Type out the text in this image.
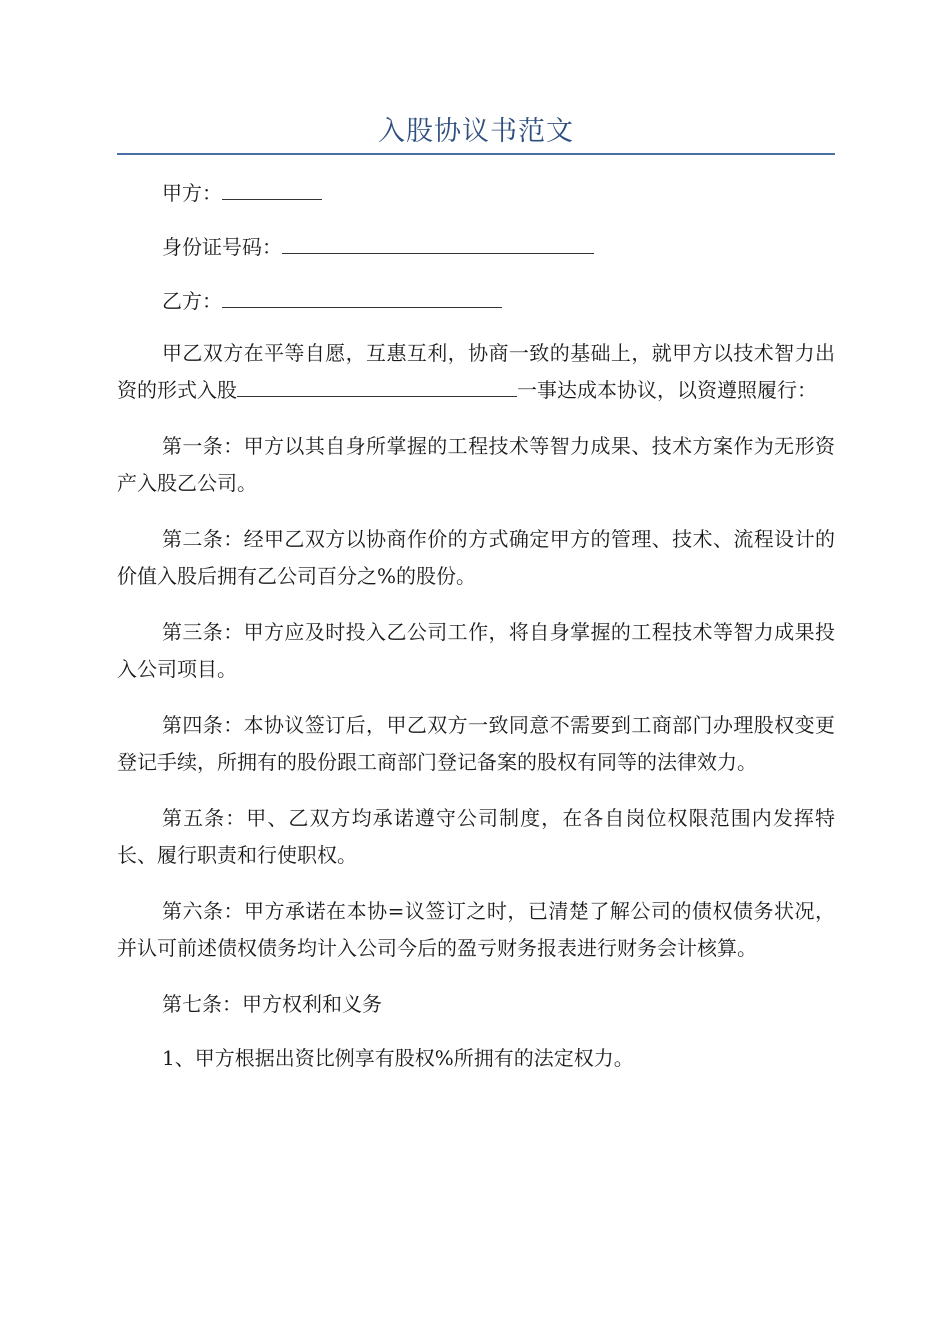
入股协议书范文
甲方：
身份证号码：
乙方：

甲乙双方在平等自愿，互惠互利，协商一致的基础上，就甲方以技术智力出资的形式入股	一事达成本协议，以资遵照履行：

第一条：甲方以其自身所掌握的工程技术等智力成果、技术方案作为无形资产入股乙公司。

第二条：经甲乙双方以协商作价的方式确定甲方的管理、技术、流程设计的价值入股后拥有乙公司百分之%的股份。

第三条：甲方应及时投入乙公司工作，将自身掌握的工程技术等智力成果投入公司项目。

第四条：本协议签订后，甲乙双方一致同意不需要到工商部门办理股权变更登记手续，所拥有的股份跟工商部门登记备案的股权有同等的法律效力。

第五条：甲、乙双方均承诺遵守公司制度，在各自岗位权限范围内发挥特长、履行职责和行使职权。

第六条：甲方承诺在本协=议签订之时，已清楚了解公司的债权债务状况，并认可前述债权债务均计入公司今后的盈亏财务报表进行财务会计核算。

第七条：甲方权利和义务

1、甲方根据出资比例享有股权%所拥有的法定权力。
